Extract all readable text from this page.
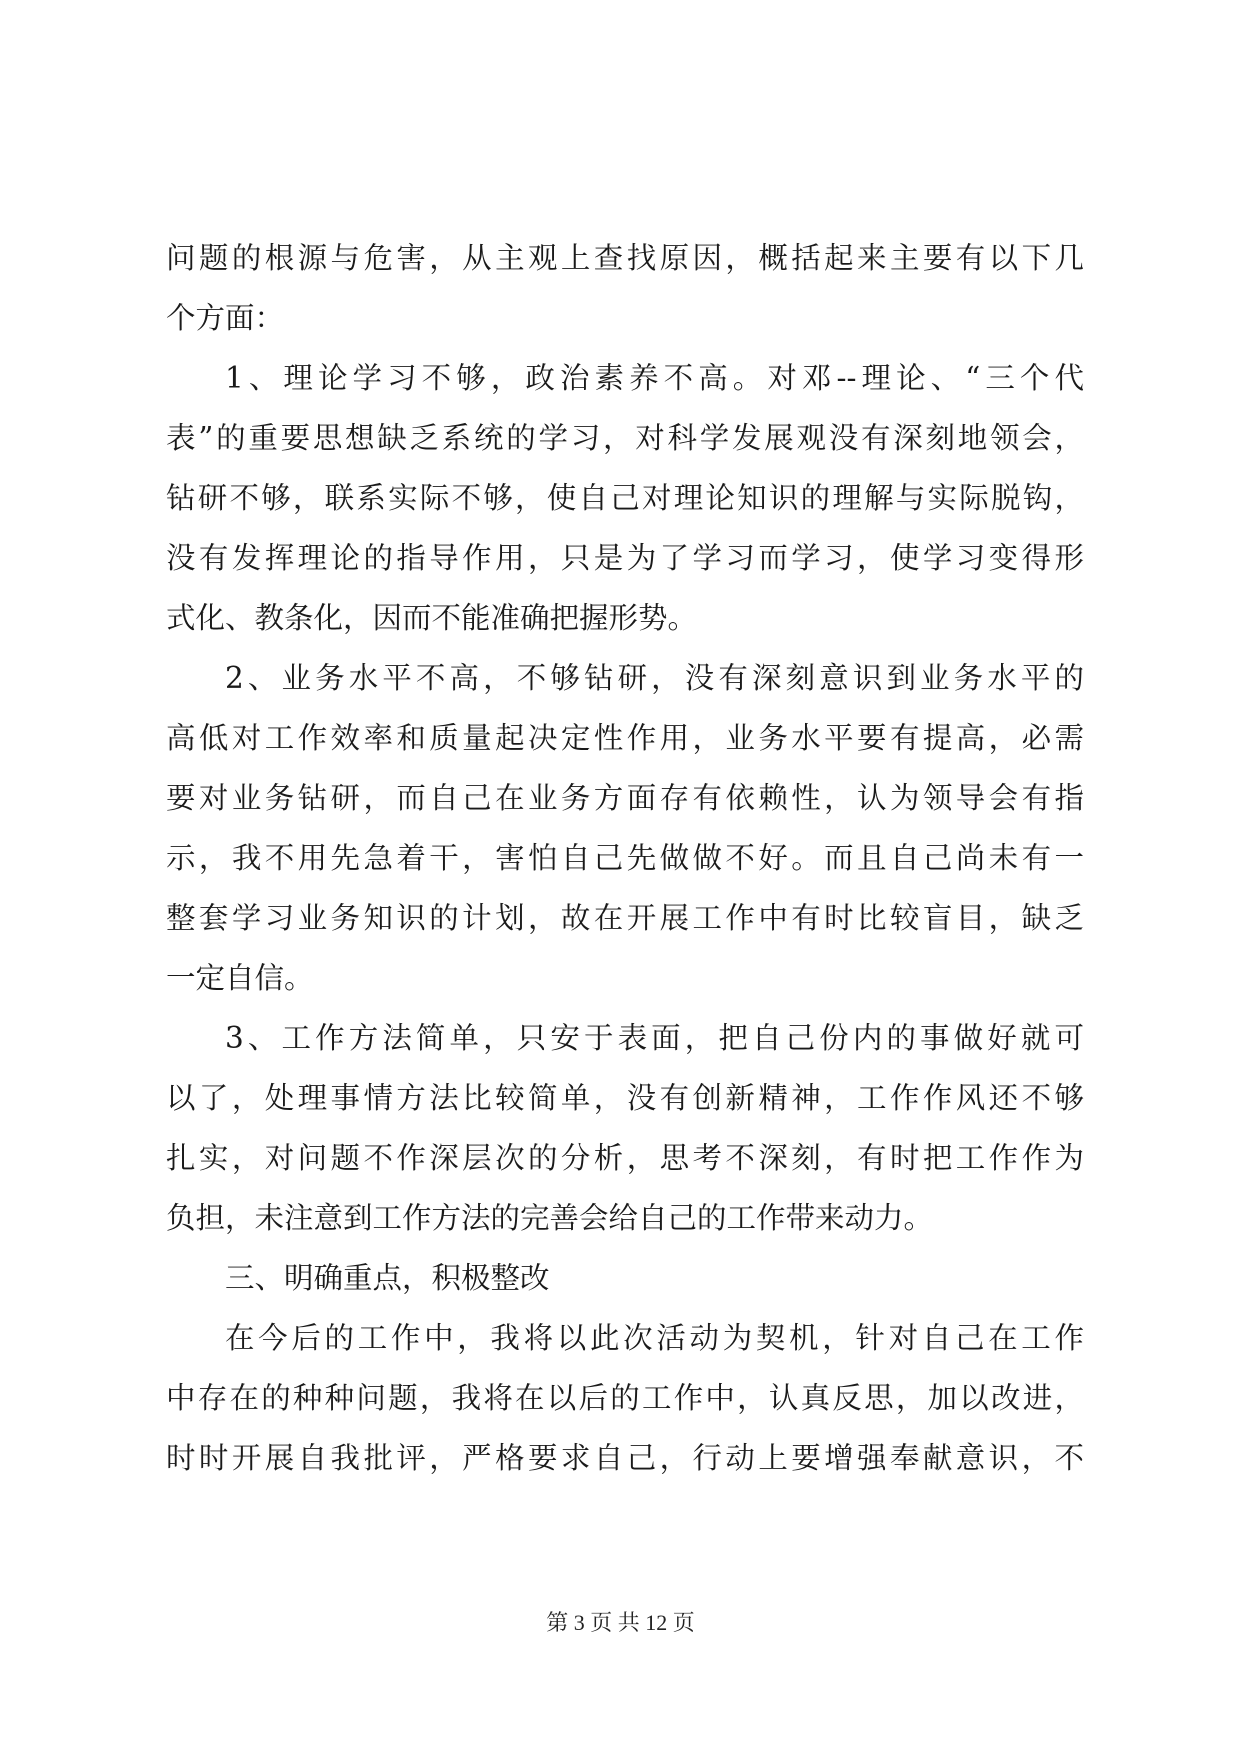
问题的根源与危害，从主观上查找原因，概括起来主要有以下几
个方面：
1、理论学习不够，政治素养不高。对邓--理论、“三个代
表”的重要思想缺乏系统的学习，对科学发展观没有深刻地领会，
钻研不够，联系实际不够，使自己对理论知识的理解与实际脱钩，
没有发挥理论的指导作用，只是为了学习而学习，使学习变得形
式化、教条化，因而不能准确把握形势。
2、业务水平不高，不够钻研，没有深刻意识到业务水平的
高低对工作效率和质量起决定性作用，业务水平要有提高，必需
要对业务钻研，而自己在业务方面存有依赖性，认为领导会有指
示，我不用先急着干，害怕自己先做做不好。而且自己尚未有一
整套学习业务知识的计划，故在开展工作中有时比较盲目，缺乏
一定自信。
3、工作方法简单，只安于表面，把自己份内的事做好就可
以了，处理事情方法比较简单，没有创新精神，工作作风还不够
扎实，对问题不作深层次的分析，思考不深刻，有时把工作作为
负担，未注意到工作方法的完善会给自己的工作带来动力。
三、明确重点，积极整改
在今后的工作中，我将以此次活动为契机，针对自己在工作
中存在的种种问题，我将在以后的工作中，认真反思，加以改进，
时时开展自我批评，严格要求自己，行动上要增强奉献意识，不
第 3 页 共 12 页
